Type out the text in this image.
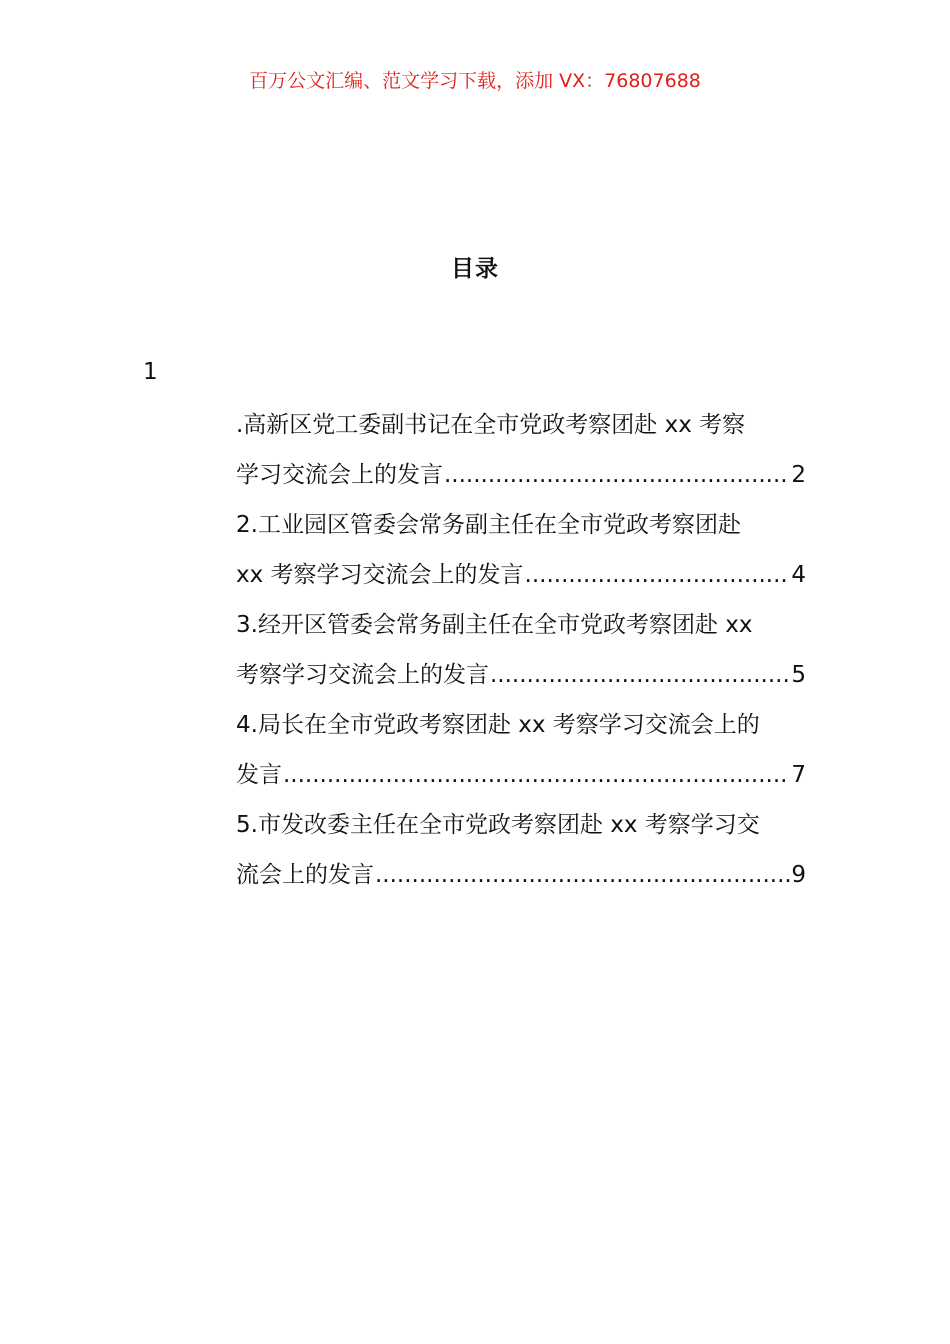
百万公文汇编、范文学习下载，添加 VX：76807688
目录
1
.高新区党工委副书记在全市党政考察团赴 xx 考察
学习交流会上的发言 .....	2
2.工业园区管委会常务副主任在全市党政考察团赴
xx 考察学习交流会上的发言 .....	4
3.经开区管委会常务副主任在全市党政考察团赴 xx
考察学习交流会上的发言 .....	5
4.局长在全市党政考察团赴 xx 考察学习交流会上的
发言 .....	7
5.市发改委主任在全市党政考察团赴 xx 考察学习交
流会上的发言 .....	9
